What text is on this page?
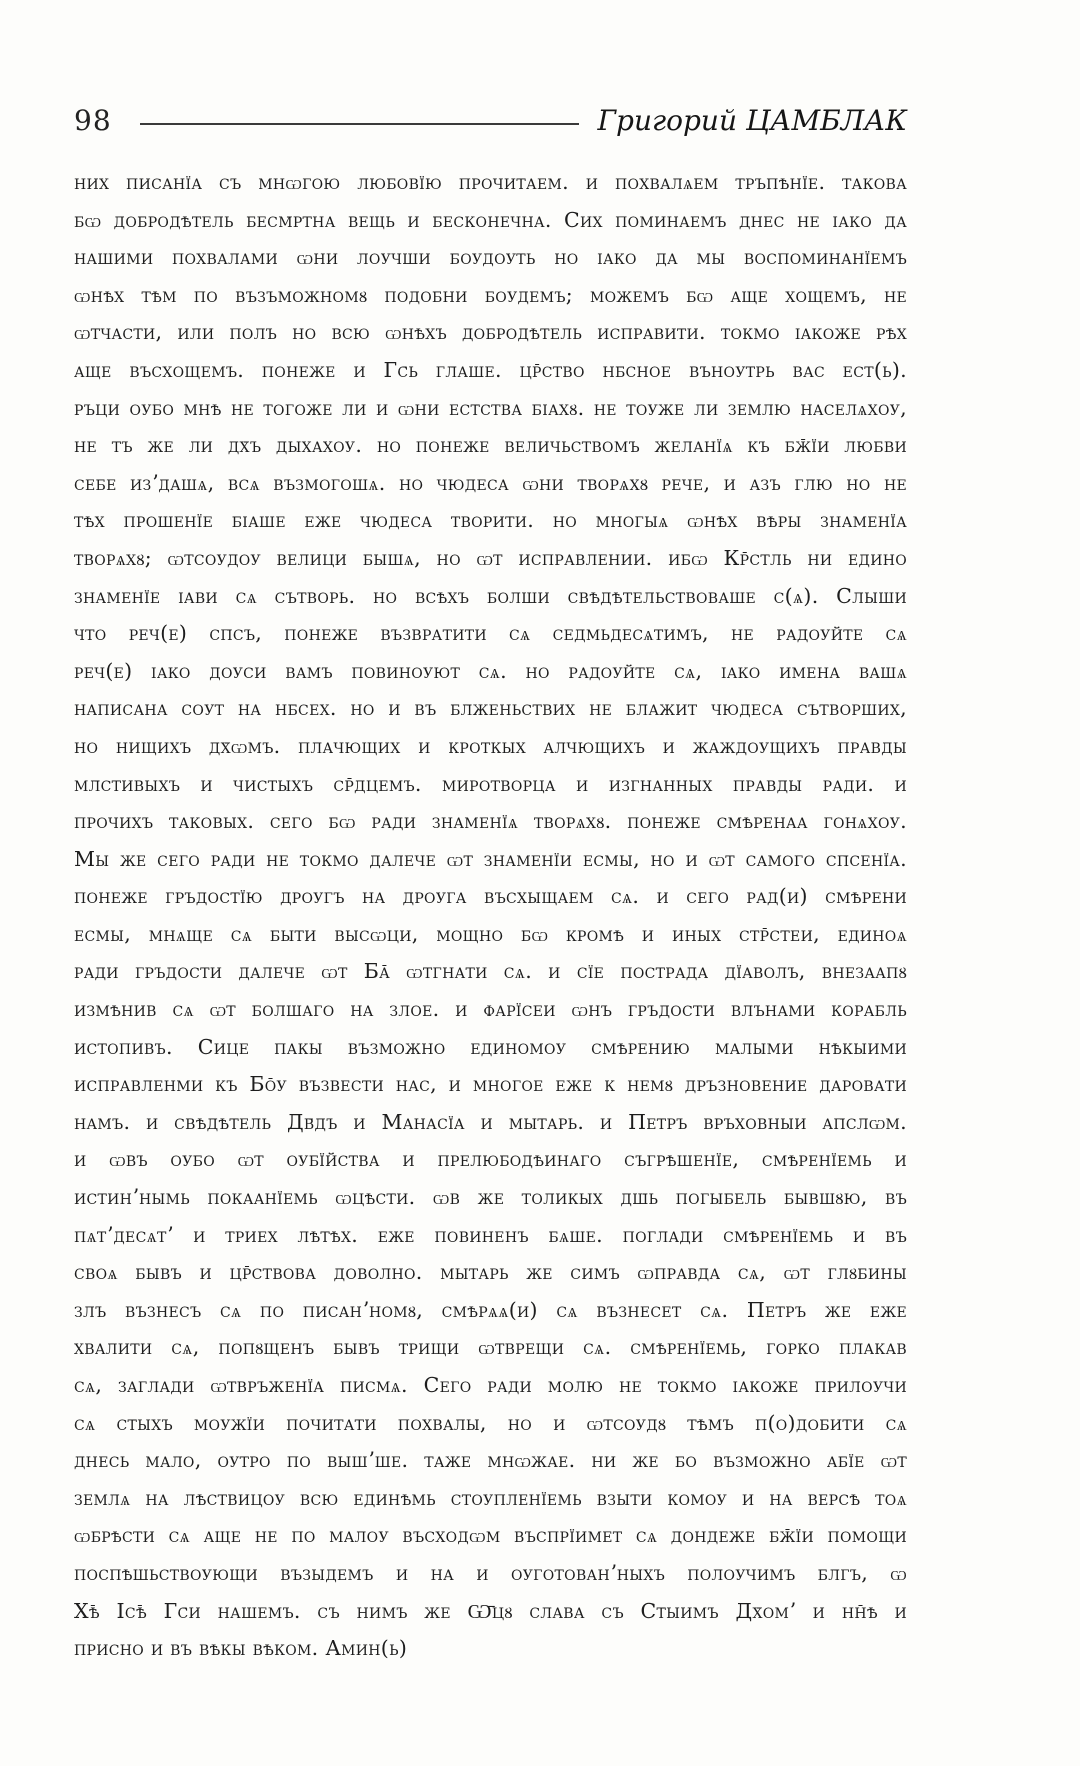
98	Григорий ЦАМБЛАК
них писанїа съ мнѡгою любовїю прочитаем. и похвалѧем тръпѣнїе. такова
бѡ добродѣтель бесм̄ртна вещь и бесконечна. Сих поминаемъ днес не іако да
нашими похвалами ѡни лоучши боудоуть но іако да мы воспоминанїемъ
ѡнѣх тѣм по възъможномȣ подобни боудемъ; можемъ бѡ аще хощемъ, не
ѡтчасти, или полъ но всю ѡнѣхъ добродѣтель исправити. токмо іакоже рѣх
аще въсхощемъ. понеже и Гс̄ь гл̄аше. цр̄ство нб̄сное въноутрь вас ест(ь).
ръци оубо мнѣ не тогоже ли и ѡни ест̄ства біахȣ. не тоуже ли землю населѧхоу,
не тъ же ли дх̄ъ дыхахоу. но понеже величьствомъ желанїѧ къ бж̄їи любви
себе изʼдашѧ, всѧ възмогошѧ. но чюдеса ѡни творѧхȣ рече, и азъ гл̄ю но не
тѣх прошенїе біаше еже чюдеса творити. но многыѧ ѡнѣх вѣры знаменїа
творѧхȣ; ѡтсоудоу велици бышѧ, но ѡт исправлении. ибѡ Кр̄стль ни едино
знаменїе іави сѧ сътворь. но всѣхъ болши свѣдѣтельствоваше с(ѧ). Слыши
что реч(е) сп̄съ, понеже възвратити сѧ седмьдесѧтимъ, не радоуйте сѧ
реч(е) іако доуси вамъ повиноуют сѧ. но радоуйте сѧ, іако имена вашѧ
написана соут на нб̄сех. но и въ бл̄женьствих не блажит чюдеса сътворших,
но нищихъ дх̄ѡмъ. плачющих и кроткых алчющихъ и жаждоущихъ правды
мл̄стивыхъ и чистыхъ ср̄дцемъ. миротворца и изгнанных правды ради. и
прочихъ таковых. сего бѡ ради знаменїѧ творѧхȣ. понеже смѣренаа гонѧхоу.
Мы же сего ради не токмо далече ѡт знаменїи есмы, но и ѡт самого сп̄сенїа.
понеже гръдостїю дроугъ на дроуга въсхыщаем сѧ. и сего рад(и) смѣрени
есмы, мнѧще сѧ быти высѡци, мощно бѡ кромѣ и иных стр̄стеи, единоѧ
ради гръдости далече ѡт Ба̄ ѡтгнати сѧ. и сїе пострада дїаволъ, внезаапȣ
измѣнив сѧ ѡт болшаго на злое. и фарїсеи ѡнъ гръдости влънами корабль
истопивъ. Сице пакы възможно единомоу смѣрению малыми нѣкыими
исправленми къ Бо̄у възвести нас, и многое еже к немȣ дръзновение даровати
намъ. и свѣдѣтель Дв̄дъ и Манасїа и мытарь. и Петръ връховныи ап̄слѡм.
и ѡвъ оубо ѡт оубїйства и прелюбодѣинаго съгрѣшенїе, смѣренїемь и
истинʼнымь покаанїемь ѡцѣсти. ѡв же толикых дш̄ь погыбель бывшȣю, въ
пѧтʼдесѧтʼ и триех лѣтѣх. еже повиненъ бѧше. поглади смѣренїемь и въ
своѧ бывъ и цр̄ствова доволно. мытарь же симъ ѡправда сѧ, ѡт глȣбины
злъ възнесъ сѧ по писанʼномȣ, смѣрѧѧ(и) сѧ възнесет сѧ. Петръ же еже
хвалити сѧ, попȣщенъ бывъ трищи ѡтврещи сѧ. смѣренїемь, горко плакав
сѧ, заглади ѡтвръженїа писмѧ. Сего ради молю не токмо іакоже прилоучи
сѧ ст̄ыхъ моужїи почитати похвалы, но и ѡтсоудȣ тѣмъ п(о)добити сѧ
днесь мало, оутро по вышʼше. таже мнѡжае. ни же бо възможно абїе ѡт
землѧ на лѣствицоу всю единѣмь стоупленїемь взыти комоу и на версѣ тоѧ
ѡбрѣсти сѧ аще не по малоу въсходѡм въспрїимет сѧ дондеже бж̄їи помощи
поспѣшьствоующи възыдемъ и на и оуготованʼныхъ полоучимъ бл̄гъ, ѡ
Хѣ̄ Ісѣ̄ Гс̄и нашемъ. съ нимъ же Ѡ̄цȣ слава съ Ст̄ыимъ Дх̄омʼ и нн̄ѣ и
присно и въ вѣкы вѣком. Амин(ь)
